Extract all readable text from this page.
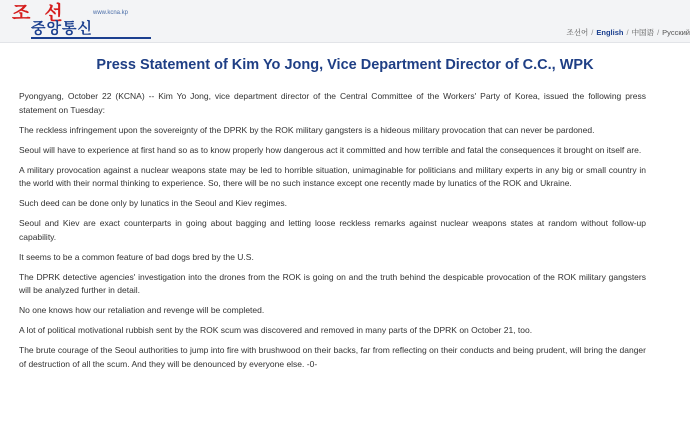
조선	www.kcna.kp
중앙통신	조선어 / English / 中国语 / Русский
Press Statement of Kim Yo Jong, Vice Department Director of C.C., WPK

Pyongyang, October 22 (KCNA) -- Kim Yo Jong, vice department director of the Central Committee of the Workers' Party of Korea, issued the following press statement on Tuesday:

The reckless infringement upon the sovereignty of the DPRK by the ROK military gangsters is a hideous military provocation that can never be pardoned.

Seoul will have to experience at first hand so as to know properly how dangerous act it committed and how terrible and fatal the consequences it brought on itself are.

A military provocation against a nuclear weapons state may be led to horrible situation, unimaginable for politicians and military experts in any big or small country in the world with their normal thinking to experience. So, there will be no such instance except one recently made by lunatics of the ROK and Ukraine.

Such deed can be done only by lunatics in the Seoul and Kiev regimes.

Seoul and Kiev are exact counterparts in going about bagging and letting loose reckless remarks against nuclear weapons states at random without follow-up capability.

It seems to be a common feature of bad dogs bred by the U.S.

The DPRK detective agencies' investigation into the drones from the ROK is going on and the truth behind the despicable provocation of the ROK military gangsters will be analyzed further in detail.

No one knows how our retaliation and revenge will be completed.

A lot of political motivational rubbish sent by the ROK scum was discovered and removed in many parts of the DPRK on October 21, too.

The brute courage of the Seoul authorities to jump into fire with brushwood on their backs, far from reflecting on their conducts and being prudent, will bring the danger of destruction of all the scum. And they will be denounced by everyone else. -0-
